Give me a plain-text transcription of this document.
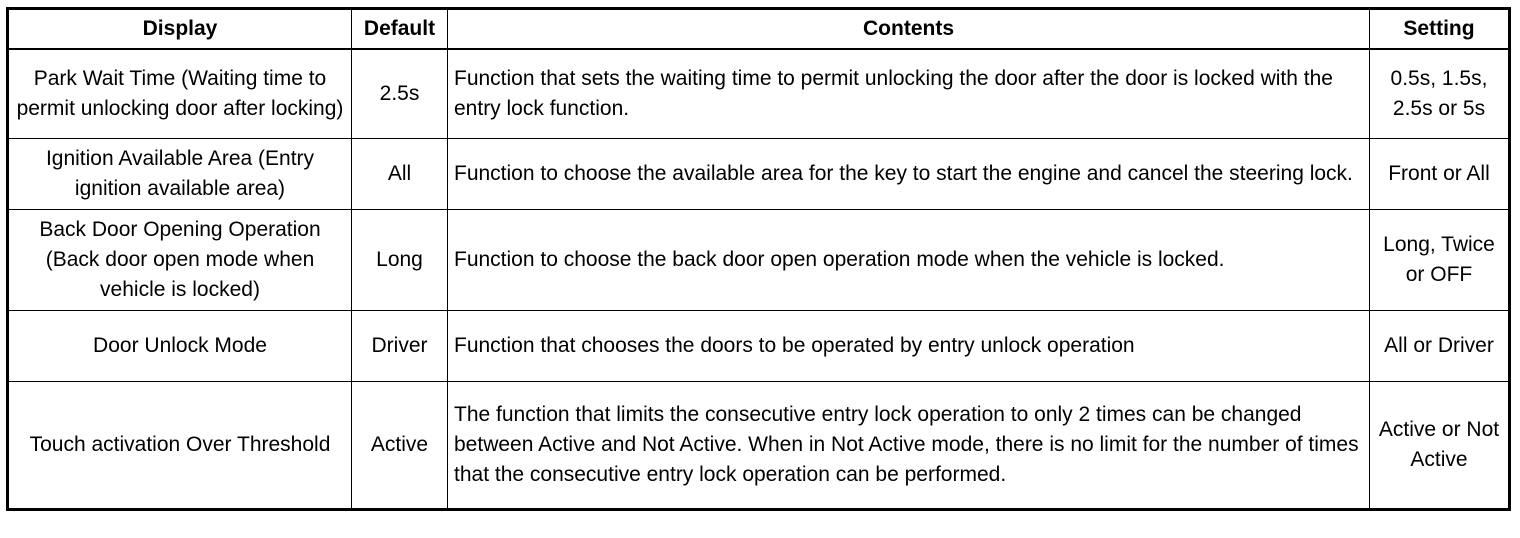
Display	Default	Contents	Setting
Park Wait Time (Waiting time to permit unlocking door after locking)	2.5s	Function that sets the waiting time to permit unlocking the door after the door is locked with the entry lock function.	0.5s, 1.5s, 2.5s or 5s
Ignition Available Area (Entry ignition available area)	All	Function to choose the available area for the key to start the engine and cancel the steering lock.	Front or All
Back Door Opening Operation (Back door open mode when vehicle is locked)	Long	Function to choose the back door open operation mode when the vehicle is locked.	Long, Twice or OFF
Door Unlock Mode	Driver	Function that chooses the doors to be operated by entry unlock operation	All or Driver
Touch activation Over Threshold	Active	The function that limits the consecutive entry lock operation to only 2 times can be changed between Active and Not Active. When in Not Active mode, there is no limit for the number of times that the consecutive entry lock operation can be performed.	Active or Not Active
